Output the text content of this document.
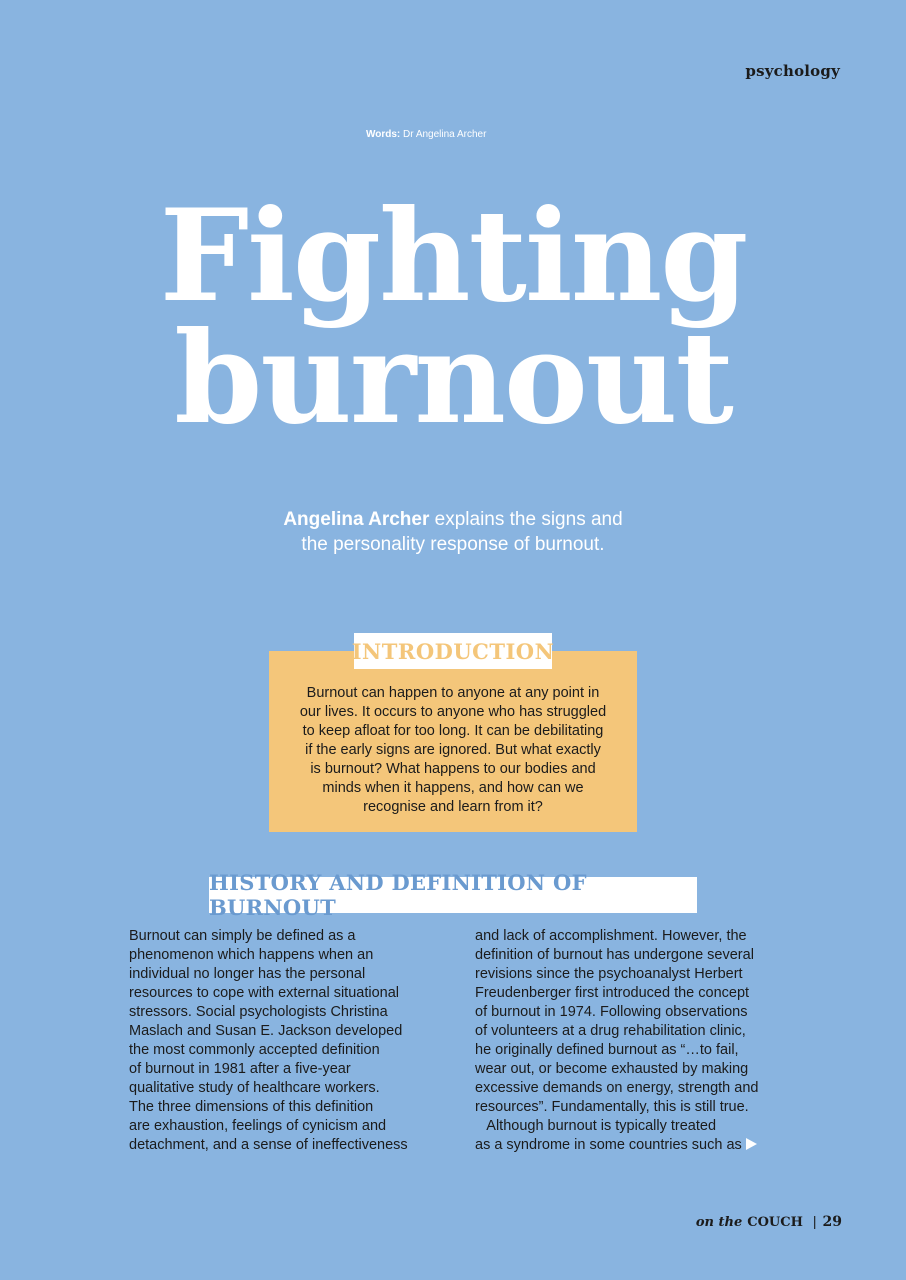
psychology
Words: Dr Angelina Archer
Fighting
burnout
Angelina Archer explains the signs and
the personality response of burnout.
INTRODUCTION
Burnout can happen to anyone at any point in
our lives. It occurs to anyone who has struggled
to keep afloat for too long. It can be debilitating
if the early signs are ignored. But what exactly
is burnout? What happens to our bodies and
minds when it happens, and how can we
recognise and learn from it?
HISTORY AND DEFINITION OF BURNOUT
Burnout can simply be defined as a
phenomenon which happens when an
individual no longer has the personal
resources to cope with external situational
stressors. Social psychologists Christina
Maslach and Susan E. Jackson developed
the most commonly accepted definition
of burnout in 1981 after a five-year
qualitative study of healthcare workers.
The three dimensions of this definition
are exhaustion, feelings of cynicism and
detachment, and a sense of ineffectiveness
and lack of accomplishment. However, the
definition of burnout has undergone several
revisions since the psychoanalyst Herbert
Freudenberger first introduced the concept
of burnout in 1974. Following observations
of volunteers at a drug rehabilitation clinic,
he originally defined burnout as “…to fail,
wear out, or become exhausted by making
excessive demands on energy, strength and
resources”. Fundamentally, this is still true.
Although burnout is typically treated
as a syndrome in some countries such as
on the COUCH | 29
